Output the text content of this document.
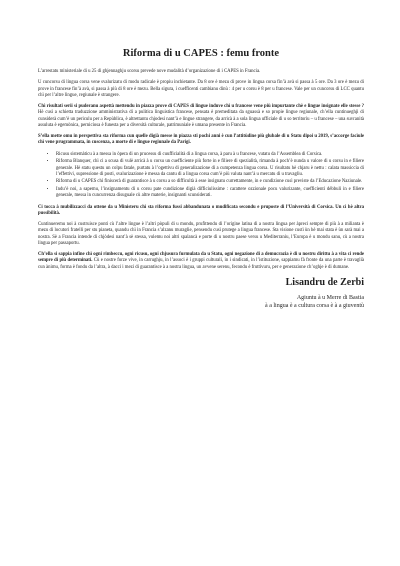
Riforma di u CAPES : femu fronte

L’arrestatu ministeriale di u 25 di ghjennaghju scorsu prevede nove mudalità d’organizazione di i CAPES in Francia.

U cuncorsu di lingua corsa vene svalurizatu di modu radicale è propiu inchietante. Da 8 ore è mezu di prove in lingua corsa fin’à avà si passa à 5 ore. Da 3 ore è mezu di prove in francese fin’à avà, si passa à più di 8 ore è mezu. Bella sigura, i cuefficenti cambianu dinù : 4 per u corsu è 8 per u francese. Vale per un cuncorsu di LCC quantu chì per l’altre lingue, regiunale è strangere.

Chì risultati serii si puderanu aspettà mettendu in piazza prove di CAPES di lingue induve chì u francese vene più impurtante chè e lingue insignate elle stesse ? Hè cusì a schietta traduzzione amministrativa di a pulitica linguistica francese, pensata è premeditata da sguassà e so propie lingue regiunale, ch’ella cuntinueghji di cunsiderà cum’è un periculu per a Repùblica, è altrettantu chjodesi nant’à e lingue strangere, da arricà à a sola lingua ufficiale di u so territoriu – u francese – una suvranità assuluta è egemònica, perniciosa è funesta per a diversità culturale, patrimuniale è umana presente in Francia.

S’ella mette omu in perspettiva sta riforma cun quelle digià messe in piazza sti pochi anni è cun l’attitùdine più glubale di u Statu dipoi u 2019, s’accorge facìule chì vene prugrammata, in cuscenza, a morte di e lingue regiunale da Parigi.

• Ricusu sistemàticu à a messa in òpera di un prucessu di cuufficialità di a lingua corsa, à paru à u francese, vutatu da l’Assemblea di Corsica.
• Riforma Blanquer, chì ci a scusa di vulè arricà à u corsu un cuefficiente più forte in e filiere di spezialità, rimanda à poch’è nunda u valore di u corsu in e filiere generale. Hè statu questu un colpu fatale, purtatu à l’ogettivu di generalizazione di a cumpetenza lingua corsa. U risultatu hè chjaru è nettu : calata massiccia di l’effettivi, supressione di posti, svalurizazione è messa da cantu di a lingua corsa cum’è più valuta nant’à u mercatu di u travagliu.
• Riforma di u CAPES chì finiscerà di guarantisce à u corsu a so difficultà à esse insignatu currettamente, in e cundizione cusì previste da l’Educazione Naziunale.
• Indu’è noi, a sapemu, l’insignamentu di u corsu pate cundizione digià difficiulissime : carattere ozzionale pocu valurizante, cuefficienti débbuli in e filiere generale, messa in cuncurrenza disuguale cù altre materie, insignanti scunsiderati.

Ci tocca à mubilizzacci da ottene da u Ministeru chì sta riforma fussi abbandunata o mudificata secondu e pruposte di l’Università di Corsica. Un cì hè altra pussibilità.

Cuntinueremu noi à custruisce ponti cù l’altre lingue è l’altri pòpuli di u mondu, prufittendu di l’origine latina di a nostra lingua per àpreci sempre di più à a milianta è mezu di locutori fratelli per stu pianeta, quandu chì in Francia s’alzanu muraglie, pensendu cusì prutege a lingua francese. Sta visione custì ùn hè mai stata è ùn sarà mai a nostra. Sè a Francia intende di chjòdesi nant’à sè stessa, vulemu noi altri spalancà e porte di u nostru paese versu u Mediterraniu, l’Europa è u mondu sanu, cù a nostra lingua per passaportu.

Ch’ella si sappia infine chì ogni rimbeccu, ogni ricusu, ogni chjusura furmulata da u Statu, ogni negazione di a demucrazia è di u nostru dirittu à a vita ci rende sempre di più determinati. Cù e nostre forze vive, in carrughju, in l’associ è i gruppi culturali, in i sindicati, in l’istituzione, sappiamu fà fronte da una parte è travaglià cun ànimu, forma è fondu da l’altra, à dacci i mezi di guarantisce à a nostra lingua, un avvene serenu, fecondu è fruttìvuru, per e generazione ch’oghje è di dumane.

Lisandru de Zerbi
Agiuntu à u Merre di Bastia
à a lingua è a cultura corsa è à a giuventù
